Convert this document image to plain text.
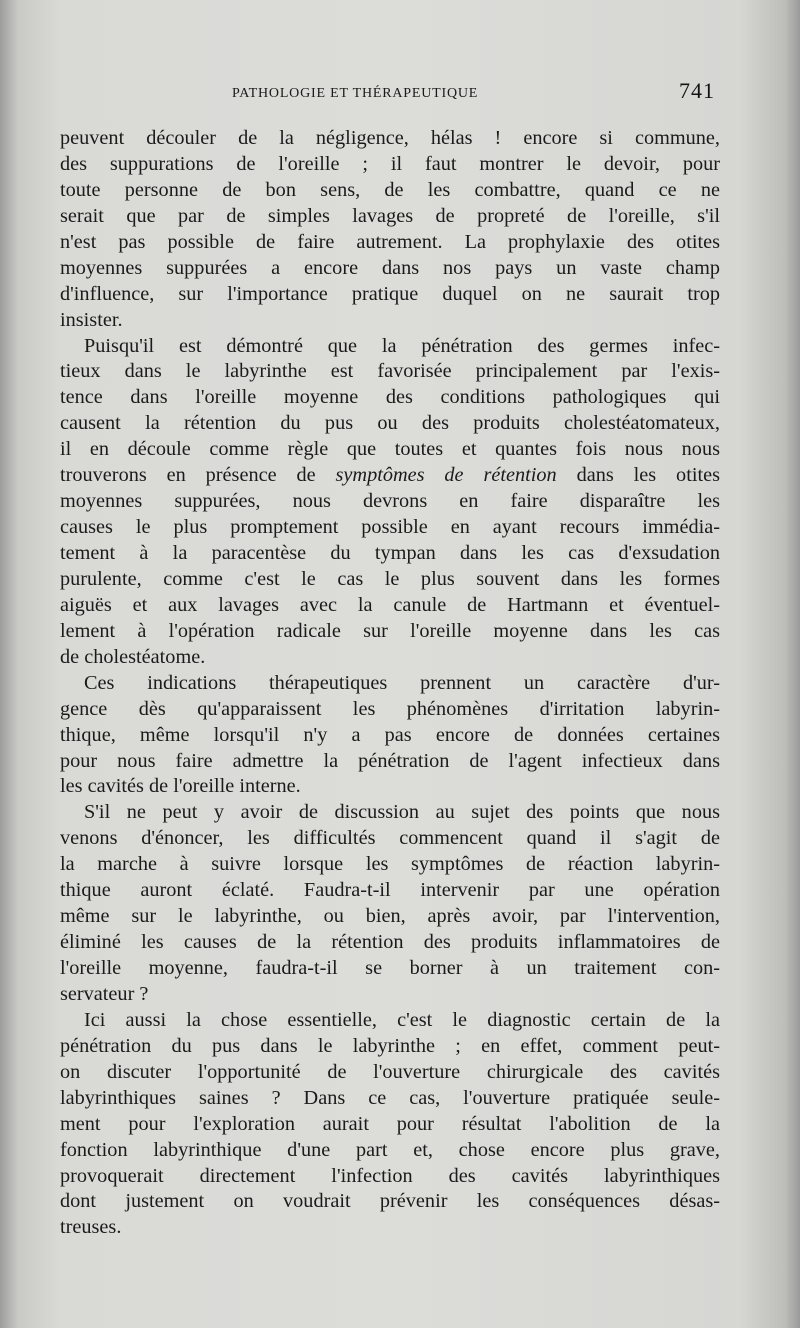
PATHOLOGIE ET THÉRAPEUTIQUE	741
peuvent découler de la négligence, hélas ! encore si commune,
des suppurations de l'oreille ; il faut montrer le devoir, pour
toute personne de bon sens, de les combattre, quand ce ne
serait que par de simples lavages de propreté de l'oreille, s'il
n'est pas possible de faire autrement. La prophylaxie des otites
moyennes suppurées a encore dans nos pays un vaste champ
d'influence, sur l'importance pratique duquel on ne saurait trop
insister.
Puisqu'il est démontré que la pénétration des germes infec-
tieux dans le labyrinthe est favorisée principalement par l'exis-
tence dans l'oreille moyenne des conditions pathologiques qui
causent la rétention du pus ou des produits cholestéatomateux,
il en découle comme règle que toutes et quantes fois nous nous
trouverons en présence de symptômes de rétention dans les otites
moyennes suppurées, nous devrons en faire disparaître les
causes le plus promptement possible en ayant recours immédia-
tement à la paracentèse du tympan dans les cas d'exsudation
purulente, comme c'est le cas le plus souvent dans les formes
aiguës et aux lavages avec la canule de Hartmann et éventuel-
lement à l'opération radicale sur l'oreille moyenne dans les cas
de cholestéatome.
Ces indications thérapeutiques prennent un caractère d'ur-
gence dès qu'apparaissent les phénomènes d'irritation labyrin-
thique, même lorsqu'il n'y a pas encore de données certaines
pour nous faire admettre la pénétration de l'agent infectieux dans
les cavités de l'oreille interne.
S'il ne peut y avoir de discussion au sujet des points que nous
venons d'énoncer, les difficultés commencent quand il s'agit de
la marche à suivre lorsque les symptômes de réaction labyrin-
thique auront éclaté. Faudra-t-il intervenir par une opération
même sur le labyrinthe, ou bien, après avoir, par l'intervention,
éliminé les causes de la rétention des produits inflammatoires de
l'oreille moyenne, faudra-t-il se borner à un traitement con-
servateur ?
Ici aussi la chose essentielle, c'est le diagnostic certain de la
pénétration du pus dans le labyrinthe ; en effet, comment peut-
on discuter l'opportunité de l'ouverture chirurgicale des cavités
labyrinthiques saines ? Dans ce cas, l'ouverture pratiquée seule-
ment pour l'exploration aurait pour résultat l'abolition de la
fonction labyrinthique d'une part et, chose encore plus grave,
provoquerait directement l'infection des cavités labyrinthiques
dont justement on voudrait prévenir les conséquences désas-
treuses.
